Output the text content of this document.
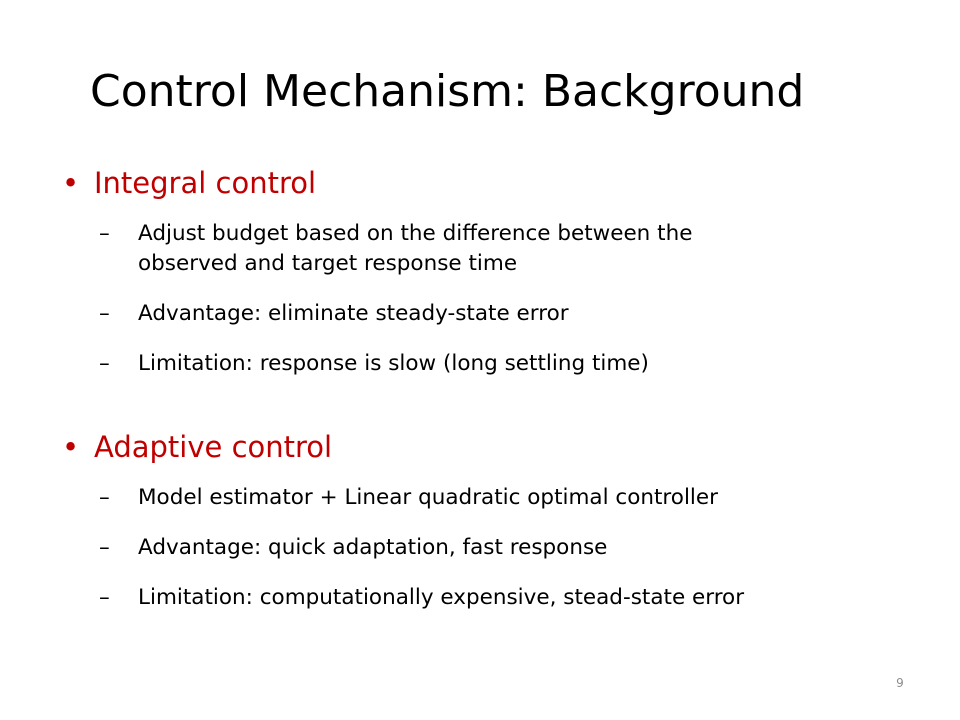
Control Mechanism: Background
• Integral control
– Adjust budget based on the difference between the
observed and target response time
– Advantage: eliminate steady-state error
– Limitation: response is slow (long settling time)
• Adaptive control
– Model estimator + Linear quadratic optimal controller
– Advantage: quick adaptation, fast response
– Limitation: computationally expensive, stead-state error
9
